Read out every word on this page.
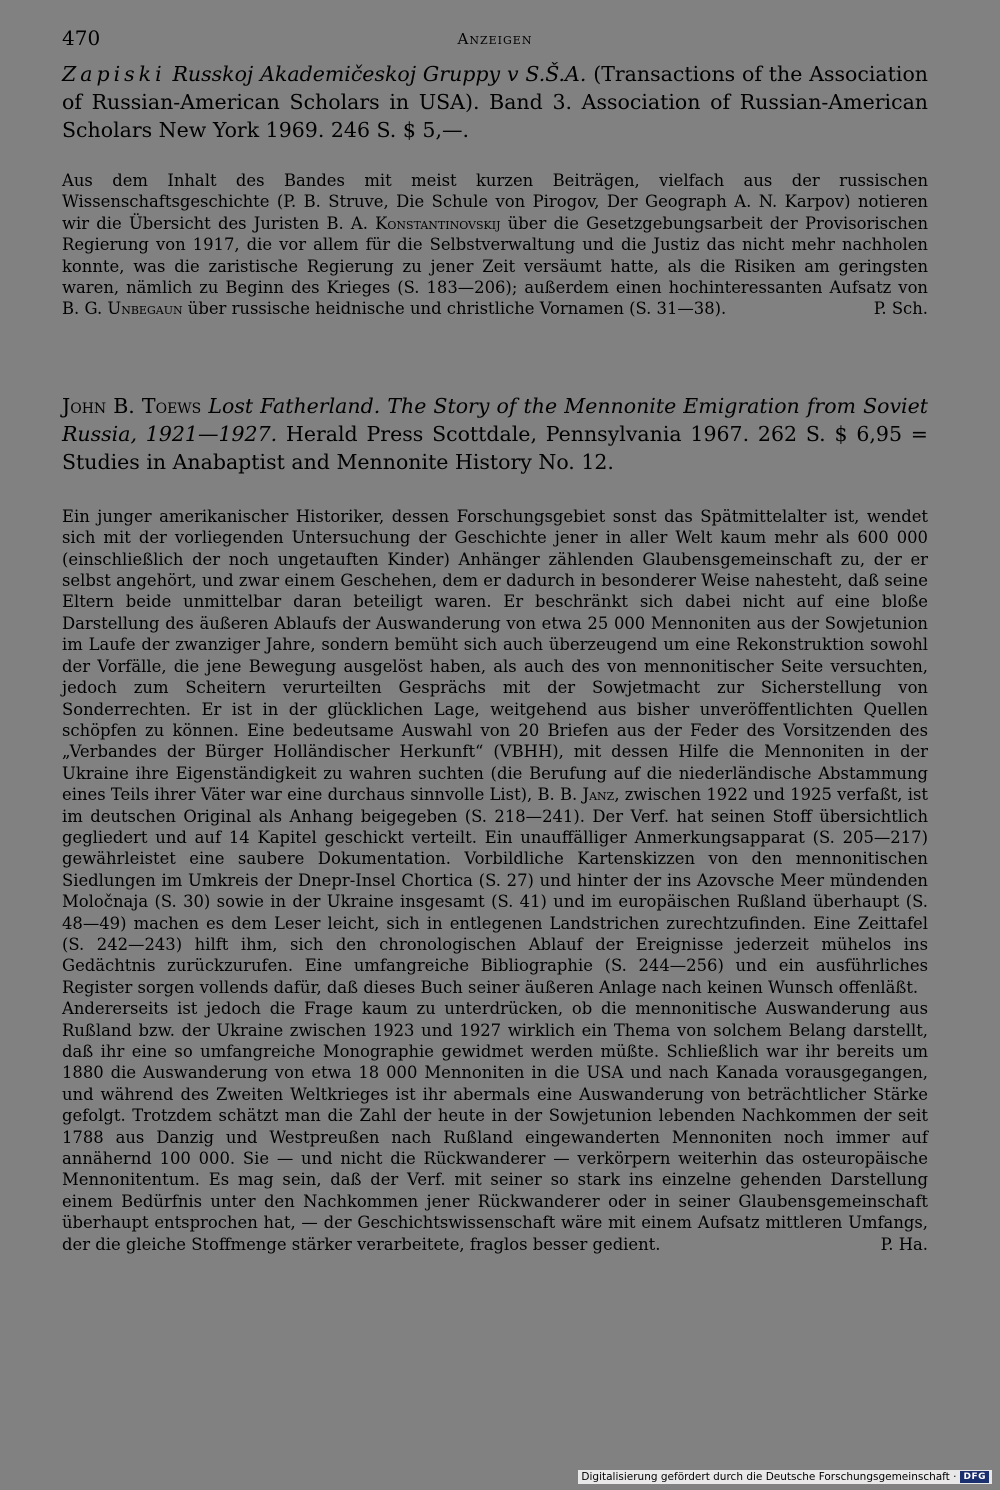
470	Anzeigen

Zapiski Russkoj Akademičeskoj Gruppy v S.Š.A. (Transactions of the Association of Russian-American Scholars in USA). Band 3. Association of Russian-American Scholars New York 1969. 246 S. $ 5,—.

Aus dem Inhalt des Bandes mit meist kurzen Beiträgen, vielfach aus der russischen Wissenschaftsgeschichte (P. B. Struve, Die Schule von Pirogov, Der Geograph A. N. Karpov) notieren wir die Übersicht des Juristen B. A. Konstantinovskij über die Gesetzgebungsarbeit der Provisorischen Regierung von 1917, die vor allem für die Selbstverwaltung und die Justiz das nicht mehr nachholen konnte, was die zaristische Regierung zu jener Zeit versäumt hatte, als die Risiken am geringsten waren, nämlich zu Beginn des Krieges (S. 183—206); außerdem einen hochinteressanten Aufsatz von B. G. Unbegaun über russische heidnische und christliche Vornamen (S. 31—38).	P. Sch.

John B. Toews Lost Fatherland. The Story of the Mennonite Emigration from Soviet Russia, 1921—1927. Herald Press Scottdale, Pennsylvania 1967. 262 S. $ 6,95 = Studies in Anabaptist and Mennonite History No. 12.

Ein junger amerikanischer Historiker, dessen Forschungsgebiet sonst das Spätmittelalter ist, wendet sich mit der vorliegenden Untersuchung der Geschichte jener in aller Welt kaum mehr als 600 000 (einschließlich der noch ungetauften Kinder) Anhänger zählenden Glaubensgemeinschaft zu, der er selbst angehört, und zwar einem Geschehen, dem er dadurch in besonderer Weise nahesteht, daß seine Eltern beide unmittelbar daran beteiligt waren. Er beschränkt sich dabei nicht auf eine bloße Darstellung des äußeren Ablaufs der Auswanderung von etwa 25 000 Mennoniten aus der Sowjetunion im Laufe der zwanziger Jahre, sondern bemüht sich auch überzeugend um eine Rekonstruktion sowohl der Vorfälle, die jene Bewegung ausgelöst haben, als auch des von mennonitischer Seite versuchten, jedoch zum Scheitern verurteilten Gesprächs mit der Sowjetmacht zur Sicherstellung von Sonderrechten. Er ist in der glücklichen Lage, weitgehend aus bisher unveröffentlichten Quellen schöpfen zu können. Eine bedeutsame Auswahl von 20 Briefen aus der Feder des Vorsitzenden des „Verbandes der Bürger Holländischer Herkunft“ (VBHH), mit dessen Hilfe die Mennoniten in der Ukraine ihre Eigenständigkeit zu wahren suchten (die Berufung auf die niederländische Abstammung eines Teils ihrer Väter war eine durchaus sinnvolle List), B. B. Janz, zwischen 1922 und 1925 verfaßt, ist im deutschen Original als Anhang beigegeben (S. 218—241). Der Verf. hat seinen Stoff übersichtlich gegliedert und auf 14 Kapitel geschickt verteilt. Ein unauffälliger Anmerkungsapparat (S. 205—217) gewährleistet eine saubere Dokumentation. Vorbildliche Kartenskizzen von den mennonitischen Siedlungen im Umkreis der Dnepr-Insel Chortica (S. 27) und hinter der ins Azovsche Meer mündenden Moločnaja (S. 30) sowie in der Ukraine insgesamt (S. 41) und im europäischen Rußland überhaupt (S. 48—49) machen es dem Leser leicht, sich in entlegenen Landstrichen zurechtzufinden. Eine Zeittafel (S. 242—243) hilft ihm, sich den chronologischen Ablauf der Ereignisse jederzeit mühelos ins Gedächtnis zurückzurufen. Eine umfangreiche Bibliographie (S. 244—256) und ein ausführliches Register sorgen vollends dafür, daß dieses Buch seiner äußeren Anlage nach keinen Wunsch offenläßt.

Andererseits ist jedoch die Frage kaum zu unterdrücken, ob die mennonitische Auswanderung aus Rußland bzw. der Ukraine zwischen 1923 und 1927 wirklich ein Thema von solchem Belang darstellt, daß ihr eine so umfangreiche Monographie gewidmet werden müßte. Schließlich war ihr bereits um 1880 die Auswanderung von etwa 18 000 Mennoniten in die USA und nach Kanada vorausgegangen, und während des Zweiten Weltkrieges ist ihr abermals eine Auswanderung von beträchtlicher Stärke gefolgt. Trotzdem schätzt man die Zahl der heute in der Sowjetunion lebenden Nachkommen der seit 1788 aus Danzig und Westpreußen nach Rußland eingewanderten Mennoniten noch immer auf annähernd 100 000. Sie — und nicht die Rückwanderer — verkörpern weiterhin das osteuropäische Mennonitentum. Es mag sein, daß der Verf. mit seiner so stark ins einzelne gehenden Darstellung einem Bedürfnis unter den Nachkommen jener Rückwanderer oder in seiner Glaubensgemeinschaft überhaupt entsprochen hat, — der Geschichtswissenschaft wäre mit einem Aufsatz mittleren Umfangs, der die gleiche Stoffmenge stärker verarbeitete, fraglos besser gedient.	P. Ha.

Digitalisierung gefördert durch die Deutsche Forschungsgemeinschaft · DFG
